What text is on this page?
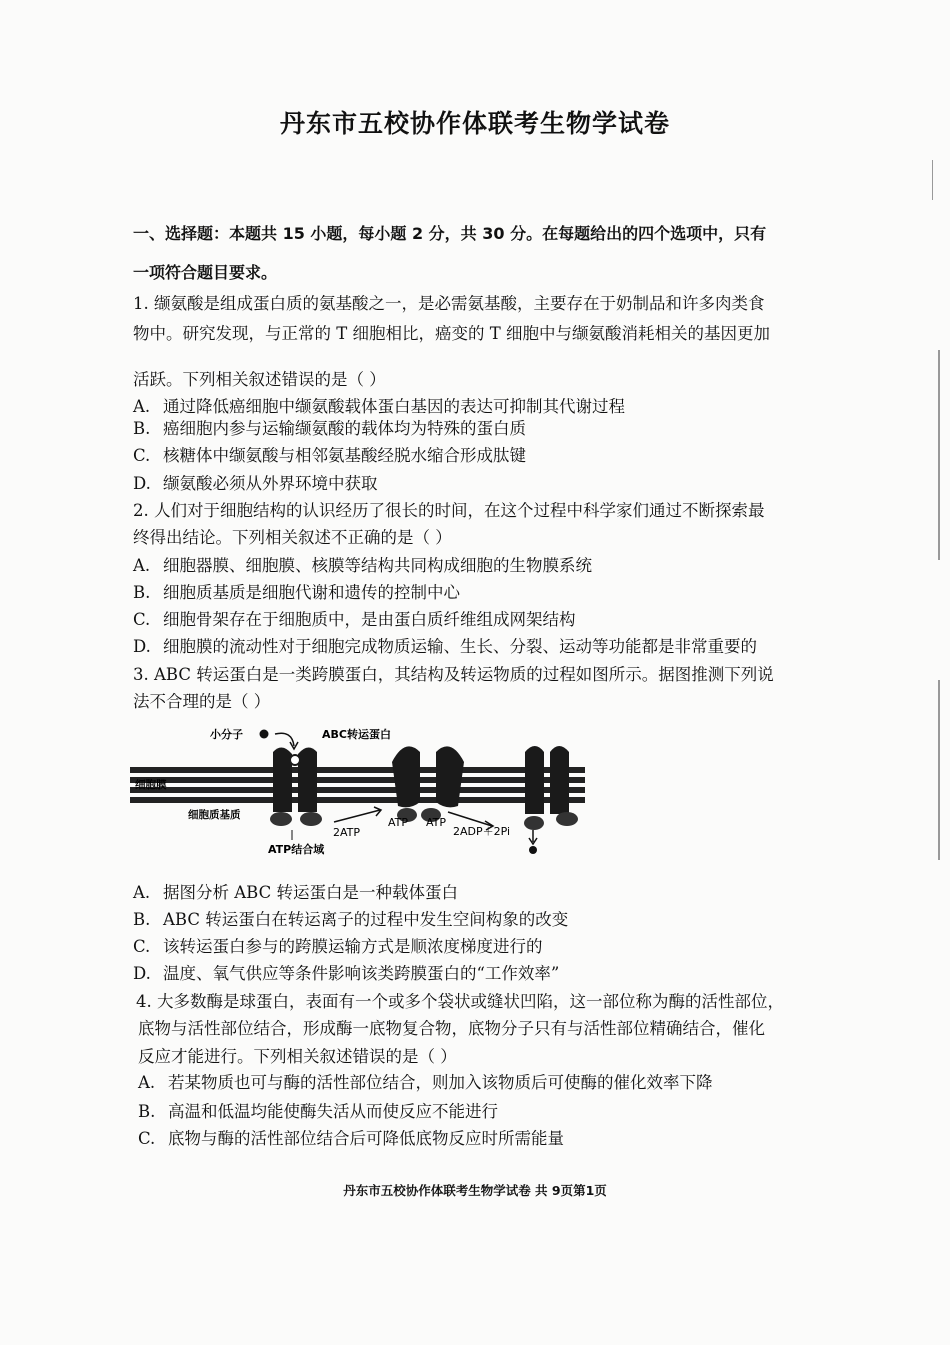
丹东市五校协作体联考生物学试卷
一、选择题：本题共 15 小题，每小题 2 分，共 30 分。在每题给出的四个选项中，只有
一项符合题目要求。
1. 缬氨酸是组成蛋白质的氨基酸之一，是必需氨基酸，主要存在于奶制品和许多肉类食
物中。研究发现，与正常的 T 细胞相比，癌变的 T 细胞中与缬氨酸消耗相关的基因更加
活跃。下列相关叙述错误的是（ ）
A. 通过降低癌细胞中缬氨酸载体蛋白基因的表达可抑制其代谢过程
B. 癌细胞内参与运输缬氨酸的载体均为特殊的蛋白质
C. 核糖体中缬氨酸与相邻氨基酸经脱水缩合形成肽键
D. 缬氨酸必须从外界环境中获取
2. 人们对于细胞结构的认识经历了很长的时间，在这个过程中科学家们通过不断探索最
终得出结论。下列相关叙述不正确的是（ ）
A. 细胞器膜、细胞膜、核膜等结构共同构成细胞的生物膜系统
B. 细胞质基质是细胞代谢和遗传的控制中心
C. 细胞骨架存在于细胞质中，是由蛋白质纤维组成网架结构
D. 细胞膜的流动性对于细胞完成物质运输、生长、分裂、运动等功能都是非常重要的
3. ABC 转运蛋白是一类跨膜蛋白，其结构及转运物质的过程如图所示。据图推测下列说
法不合理的是（ ）
小分子	ABC转运蛋白
细胞膜
细胞质基质
ATP结合域
2ATP
ATP ATP
2ADP＋2Pi
A. 据图分析 ABC 转运蛋白是一种载体蛋白
B. ABC 转运蛋白在转运离子的过程中发生空间构象的改变
C. 该转运蛋白参与的跨膜运输方式是顺浓度梯度进行的
D. 温度、氧气供应等条件影响该类跨膜蛋白的“工作效率”
4. 大多数酶是球蛋白，表面有一个或多个袋状或缝状凹陷，这一部位称为酶的活性部位，
底物与活性部位结合，形成酶一底物复合物，底物分子只有与活性部位精确结合，催化
反应才能进行。下列相关叙述错误的是（ ）
A. 若某物质也可与酶的活性部位结合，则加入该物质后可使酶的催化效率下降
B. 高温和低温均能使酶失活从而使反应不能进行
C. 底物与酶的活性部位结合后可降低底物反应时所需能量
丹东市五校协作体联考生物学试卷 共 9页第1页
